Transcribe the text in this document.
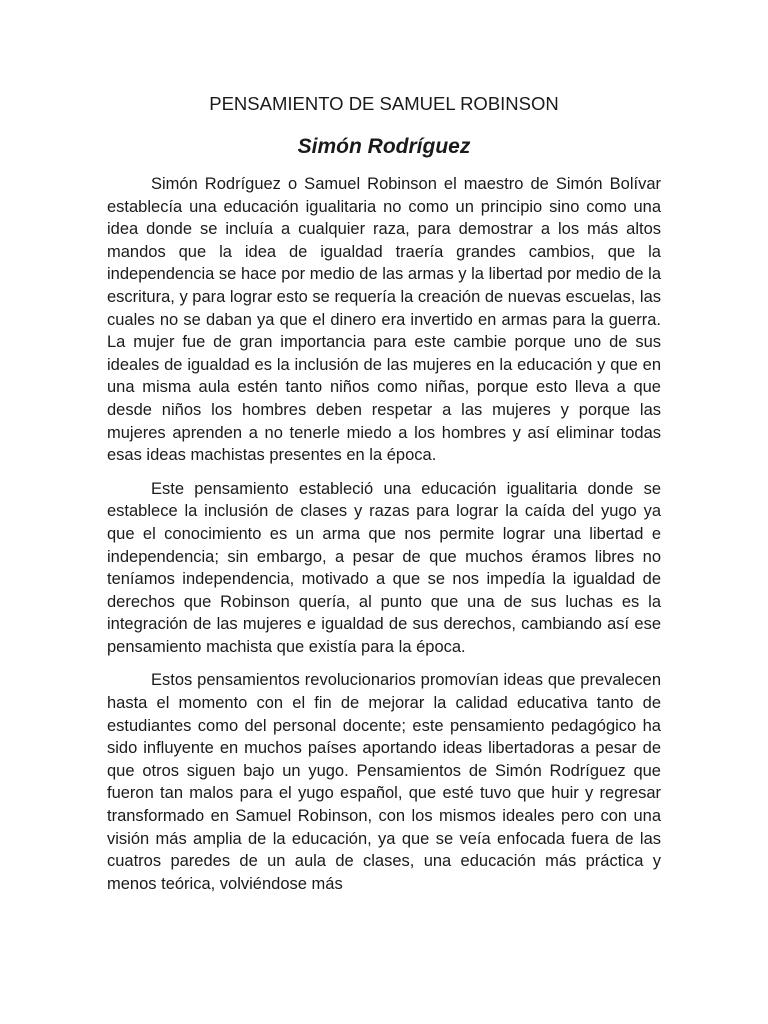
PENSAMIENTO DE SAMUEL ROBINSON
Simón Rodríguez

Simón Rodríguez o Samuel Robinson el maestro de Simón Bolívar establecía una educación igualitaria no como un principio sino como una idea donde se incluía a cualquier raza, para demostrar a los más altos mandos que la idea de igualdad traería grandes cambios, que la independencia se hace por medio de las armas y la libertad por medio de la escritura, y para lograr esto se requería la creación de nuevas escuelas, las cuales no se daban ya que el dinero era invertido en armas para la guerra. La mujer fue de gran importancia para este cambie porque uno de sus ideales de igualdad es la inclusión de las mujeres en la educación y que en una misma aula estén tanto niños como niñas, porque esto lleva a que desde niños los hombres deben respetar a las mujeres y porque las mujeres aprenden a no tenerle miedo a los hombres y así eliminar todas esas ideas machistas presentes en la época.

Este pensamiento estableció una educación igualitaria donde se establece la inclusión de clases y razas para lograr la caída del yugo ya que el conocimiento es un arma que nos permite lograr una libertad e independencia; sin embargo, a pesar de que muchos éramos libres no teníamos independencia, motivado a que se nos impedía la igualdad de derechos que Robinson quería, al punto que una de sus luchas es la integración de las mujeres e igualdad de sus derechos, cambiando así ese pensamiento machista que existía para la época.

Estos pensamientos revolucionarios promovían ideas que prevalecen hasta el momento con el fin de mejorar la calidad educativa tanto de estudiantes como del personal docente; este pensamiento pedagógico ha sido influyente en muchos países aportando ideas libertadoras a pesar de que otros siguen bajo un yugo. Pensamientos de Simón Rodríguez que fueron tan malos para el yugo español, que esté tuvo que huir y regresar transformado en Samuel Robinson, con los mismos ideales pero con una visión más amplia de la educación, ya que se veía enfocada fuera de las cuatros paredes de un aula de clases, una educación más práctica y menos teórica, volviéndose más
